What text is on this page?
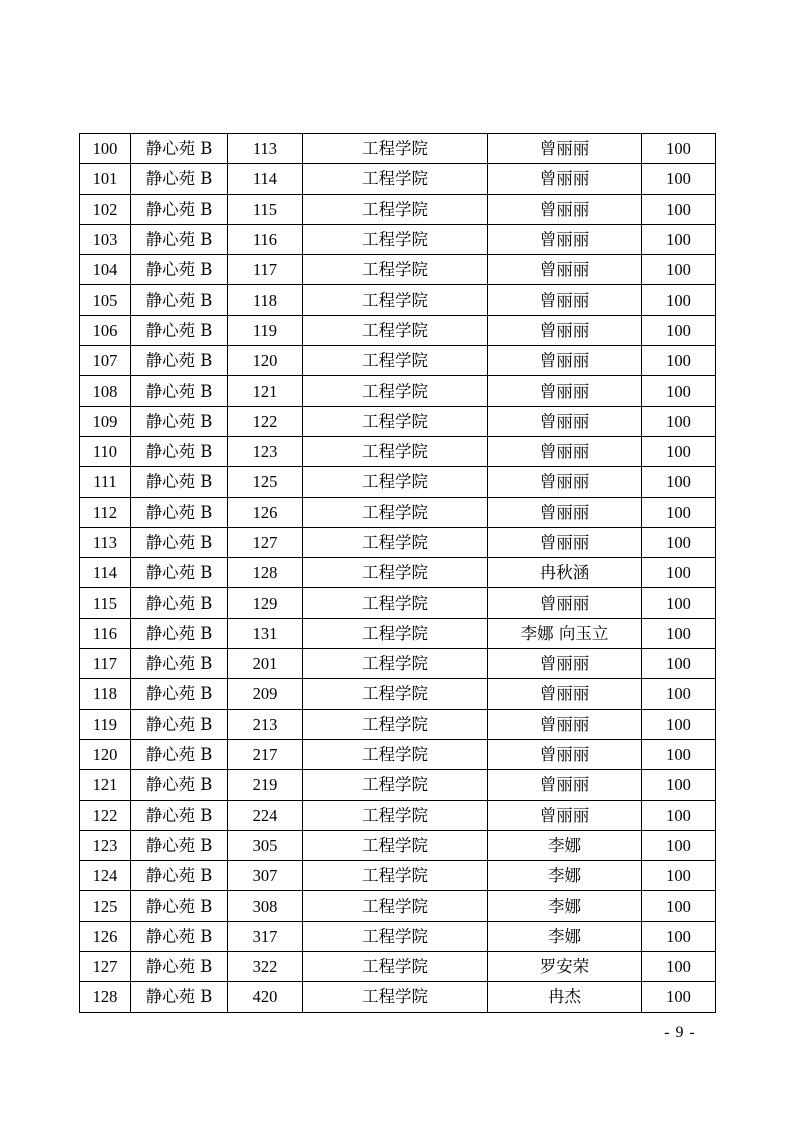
100	静心苑 B	113	工程学院	曾丽丽	100
101	静心苑 B	114	工程学院	曾丽丽	100
102	静心苑 B	115	工程学院	曾丽丽	100
103	静心苑 B	116	工程学院	曾丽丽	100
104	静心苑 B	117	工程学院	曾丽丽	100
105	静心苑 B	118	工程学院	曾丽丽	100
106	静心苑 B	119	工程学院	曾丽丽	100
107	静心苑 B	120	工程学院	曾丽丽	100
108	静心苑 B	121	工程学院	曾丽丽	100
109	静心苑 B	122	工程学院	曾丽丽	100
110	静心苑 B	123	工程学院	曾丽丽	100
111	静心苑 B	125	工程学院	曾丽丽	100
112	静心苑 B	126	工程学院	曾丽丽	100
113	静心苑 B	127	工程学院	曾丽丽	100
114	静心苑 B	128	工程学院	冉秋涵	100
115	静心苑 B	129	工程学院	曾丽丽	100
116	静心苑 B	131	工程学院	李娜 向玉立	100
117	静心苑 B	201	工程学院	曾丽丽	100
118	静心苑 B	209	工程学院	曾丽丽	100
119	静心苑 B	213	工程学院	曾丽丽	100
120	静心苑 B	217	工程学院	曾丽丽	100
121	静心苑 B	219	工程学院	曾丽丽	100
122	静心苑 B	224	工程学院	曾丽丽	100
123	静心苑 B	305	工程学院	李娜	100
124	静心苑 B	307	工程学院	李娜	100
125	静心苑 B	308	工程学院	李娜	100
126	静心苑 B	317	工程学院	李娜	100
127	静心苑 B	322	工程学院	罗安荣	100
128	静心苑 B	420	工程学院	冉杰	100
- 9 -
